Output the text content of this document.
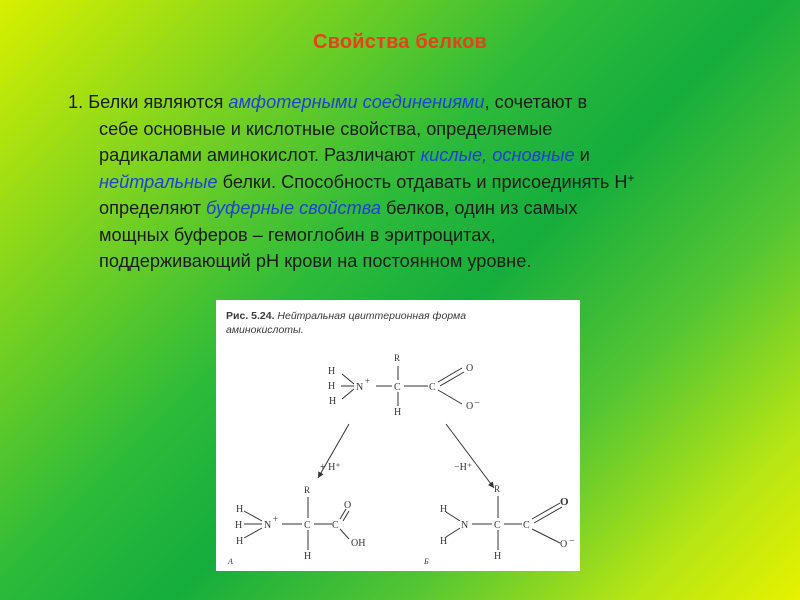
Свойства белков
1. Белки являются амфотерными соединениями, сочетают в
себе основные и кислотные свойства, определяемые
радикалами аминокислот. Различают кислые, основные и
нейтральные белки. Способность отдавать и присоединять Н+
определяют буферные свойства белков, один из самых
мощных буферов – гемоглобин в эритроцитах,
поддерживающий рН крови на постоянном уровне.
Рис. 5.24. Нейтральная цвиттерионная форма
аминокислоты.
H
H
H
N
+
R
C
H
C
O
O −
+ H⁺	−H⁺
H
H
H
N
+
R
C
H
C
O
OH
А
H
H
N
R
C
H
C
O
O −
Б
